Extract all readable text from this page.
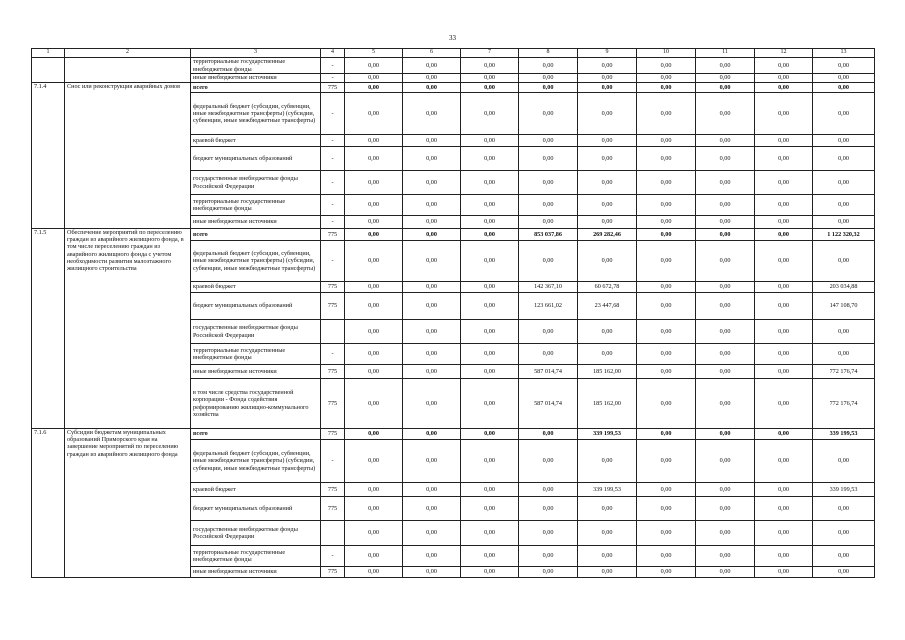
33
1	2	3	4	5	6	7	8	9	10	11	12	13
		территориальные государственные внебюджетные фонды	-	0,00	0,00	0,00	0,00	0,00	0,00	0,00	0,00	0,00
		иные внебюджетные источники	-	0,00	0,00	0,00	0,00	0,00	0,00	0,00	0,00	0,00
7.1.4	Снос или реконструкция аварийных домов	всего	775	0,00	0,00	0,00	0,00	0,00	0,00	0,00	0,00	0,00
		федеральный бюджет (субсидии, субвенции, иные межбюджетные трансферты) (субсидии, субвенции, иные межбюджетные трансферты)	-	0,00	0,00	0,00	0,00	0,00	0,00	0,00	0,00	0,00
		краевой бюджет	-	0,00	0,00	0,00	0,00	0,00	0,00	0,00	0,00	0,00
		бюджет муниципальных образований	-	0,00	0,00	0,00	0,00	0,00	0,00	0,00	0,00	0,00
		государственные внебюджетные фонды Российской Федерации	-	0,00	0,00	0,00	0,00	0,00	0,00	0,00	0,00	0,00
		территориальные государственные внебюджетные фонды	-	0,00	0,00	0,00	0,00	0,00	0,00	0,00	0,00	0,00
		иные внебюджетные источники	-	0,00	0,00	0,00	0,00	0,00	0,00	0,00	0,00	0,00
7.1.5	Обеспечение мероприятий по переселению граждан из аварийного жилищного фонда, в том числе переселению граждан из аварийного жилищного фонда с учетом необходимости развития малоэтажного жилищного строительства	всего	775	0,00	0,00	0,00	853 037,86	269 282,46	0,00	0,00	0,00	1 122 320,32
		федеральный бюджет (субсидии, субвенции, иные межбюджетные трансферты) (субсидии, субвенции, иные межбюджетные трансферты)	-	0,00	0,00	0,00	0,00	0,00	0,00	0,00	0,00	0,00
		краевой бюджет	775	0,00	0,00	0,00	142 367,10	60 672,78	0,00	0,00	0,00	203 034,88
		бюджет муниципальных образований	775	0,00	0,00	0,00	123 661,02	23 447,68	0,00	0,00	0,00	147 108,70
		государственные внебюджетные фонды Российской Федерации		0,00	0,00	0,00	0,00	0,00	0,00	0,00	0,00	0,00
		территориальные государственные внебюджетные фонды	-	0,00	0,00	0,00	0,00	0,00	0,00	0,00	0,00	0,00
		иные внебюджетные источники	775	0,00	0,00	0,00	587 014,74	185 162,00	0,00	0,00	0,00	772 176,74
		в том числе средства государственной корпорации - Фонда содействия реформированию жилищно-коммунального хозяйства	775	0,00	0,00	0,00	587 014,74	185 162,00	0,00	0,00	0,00	772 176,74
7.1.6	Субсидии бюджетам муниципальных образований Приморского края на завершение мероприятий по переселению граждан из аварийного жилищного фонда	всего	775	0,00	0,00	0,00	0,00	339 199,53	0,00	0,00	0,00	339 199,53
		федеральный бюджет (субсидии, субвенции, иные межбюджетные трансферты) (субсидии, субвенции, иные межбюджетные трансферты)	-	0,00	0,00	0,00	0,00	0,00	0,00	0,00	0,00	0,00
		краевой бюджет	775	0,00	0,00	0,00	0,00	339 199,53	0,00	0,00	0,00	339 199,53
		бюджет муниципальных образований	775	0,00	0,00	0,00	0,00	0,00	0,00	0,00	0,00	0,00
		государственные внебюджетные фонды Российской Федерации		0,00	0,00	0,00	0,00	0,00	0,00	0,00	0,00	0,00
		территориальные государственные внебюджетные фонды	-	0,00	0,00	0,00	0,00	0,00	0,00	0,00	0,00	0,00
		иные внебюджетные источники	775	0,00	0,00	0,00	0,00	0,00	0,00	0,00	0,00	0,00
